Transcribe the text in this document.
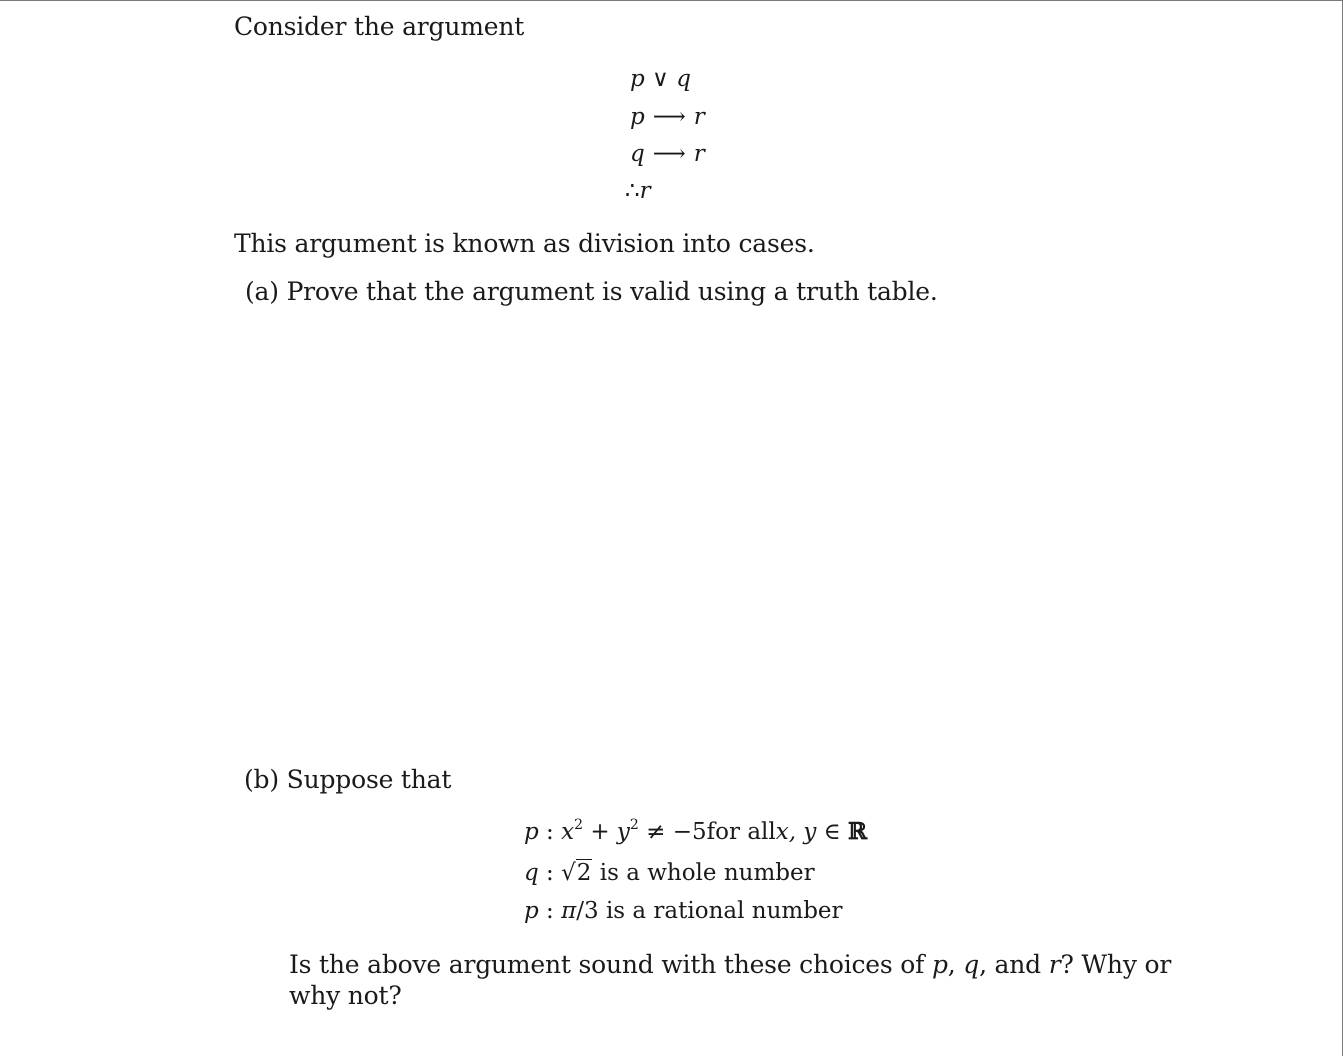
Consider the argument
p ∨ q
p ⟶ r
q ⟶ r
∴r
This argument is known as division into cases.
(a) Prove that the argument is valid using a truth table.
(b) Suppose that
p : $x^2 + y^2 \ne -5for$ allx, y ∈ ℝ
q : √2 is a whole number
p : π/3 is a rational number
Is the above argument sound with these choices of p, q, and r? Why or
why not?
